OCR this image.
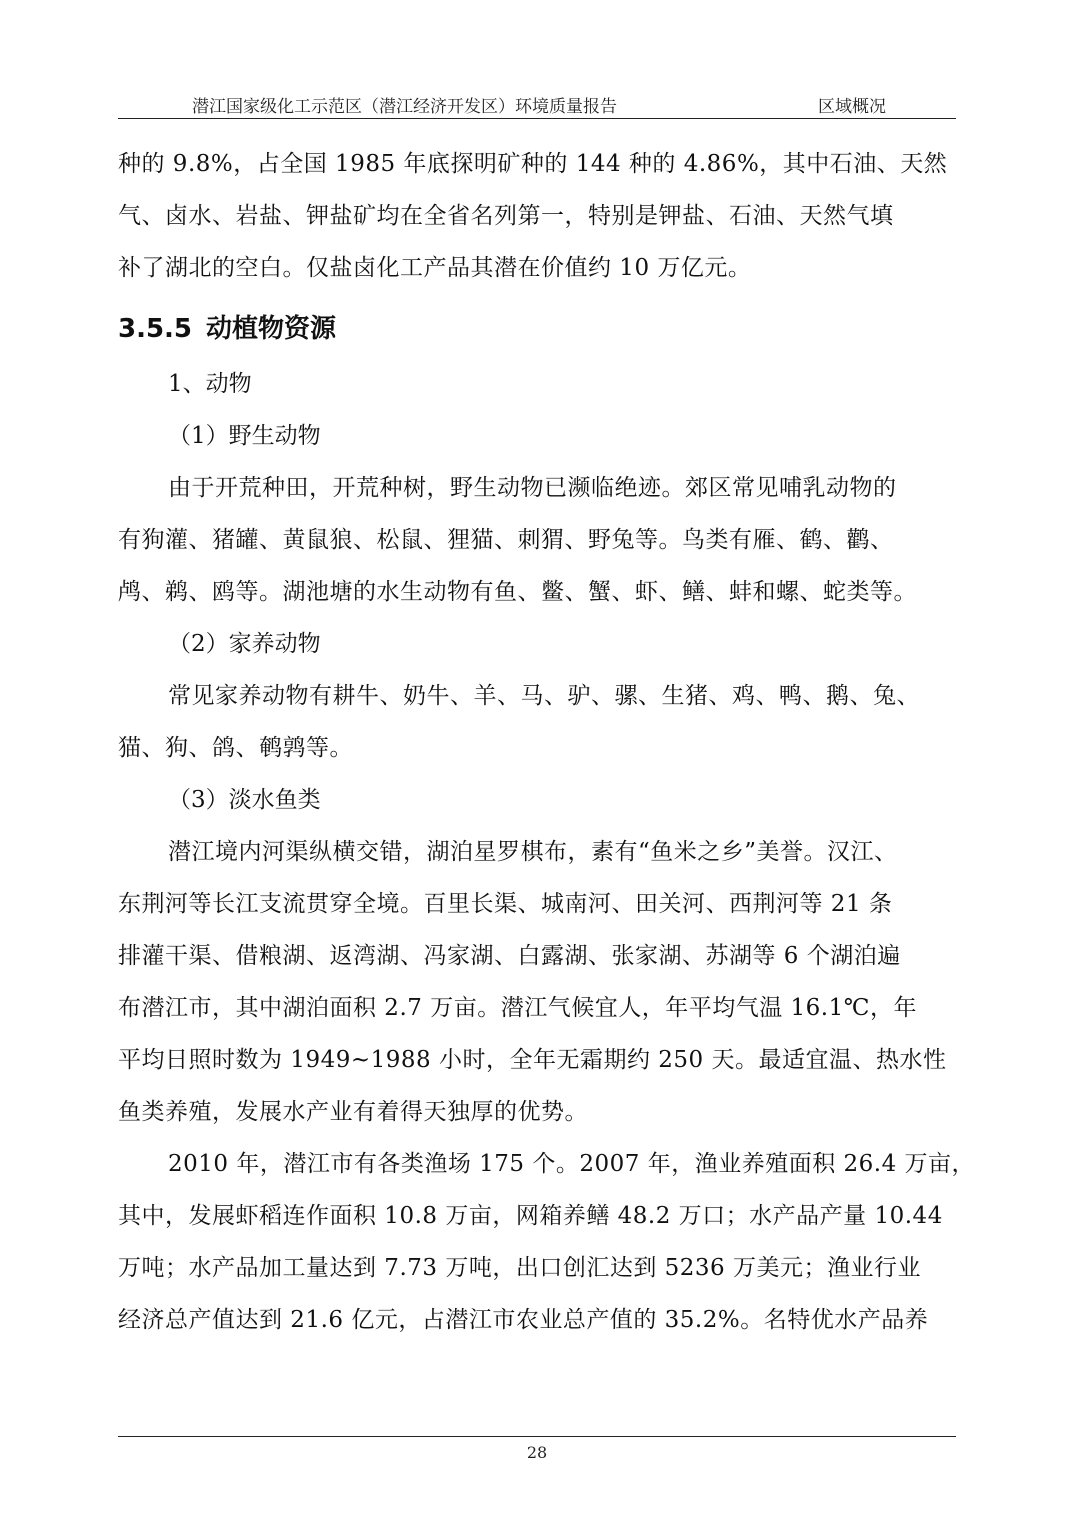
潜江国家级化工示范区（潜江经济开发区）环境质量报告	区域概况

种的 9.8%，占全国 1985 年底探明矿种的 144 种的 4.86%，其中石油、天然
气、卤水、岩盐、钾盐矿均在全省名列第一，特别是钾盐、石油、天然气填
补了湖北的空白。仅盐卤化工产品其潜在价值约 10 万亿元。

3.5.5 动植物资源

1、动物

（1）野生动物

由于开荒种田，开荒种树，野生动物已濒临绝迹。郊区常见哺乳动物的
有狗灌、猪罐、黄鼠狼、松鼠、狸猫、刺猬、野兔等。鸟类有雁、鹤、鹳、
鸬、鹈、鸥等。湖池塘的水生动物有鱼、鳖、蟹、虾、鳝、蚌和螺、蛇类等。

（2）家养动物

常见家养动物有耕牛、奶牛、羊、马、驴、骡、生猪、鸡、鸭、鹅、兔、
猫、狗、鸽、鹌鹑等。

（3）淡水鱼类

潜江境内河渠纵横交错，湖泊星罗棋布，素有“鱼米之乡”美誉。汉江、
东荆河等长江支流贯穿全境。百里长渠、城南河、田关河、西荆河等 21 条
排灌干渠、借粮湖、返湾湖、冯家湖、白露湖、张家湖、苏湖等 6 个湖泊遍
布潜江市，其中湖泊面积 2.7 万亩。潜江气候宜人，年平均气温 16.1℃，年
平均日照时数为 1949~1988 小时，全年无霜期约 250 天。最适宜温、热水性
鱼类养殖，发展水产业有着得天独厚的优势。

2010 年，潜江市有各类渔场 175 个。2007 年，渔业养殖面积 26.4 万亩，
其中，发展虾稻连作面积 10.8 万亩，网箱养鳝 48.2 万口；水产品产量 10.44
万吨；水产品加工量达到 7.73 万吨，出口创汇达到 5236 万美元；渔业行业
经济总产值达到 21.6 亿元，占潜江市农业总产值的 35.2%。名特优水产品养

28
